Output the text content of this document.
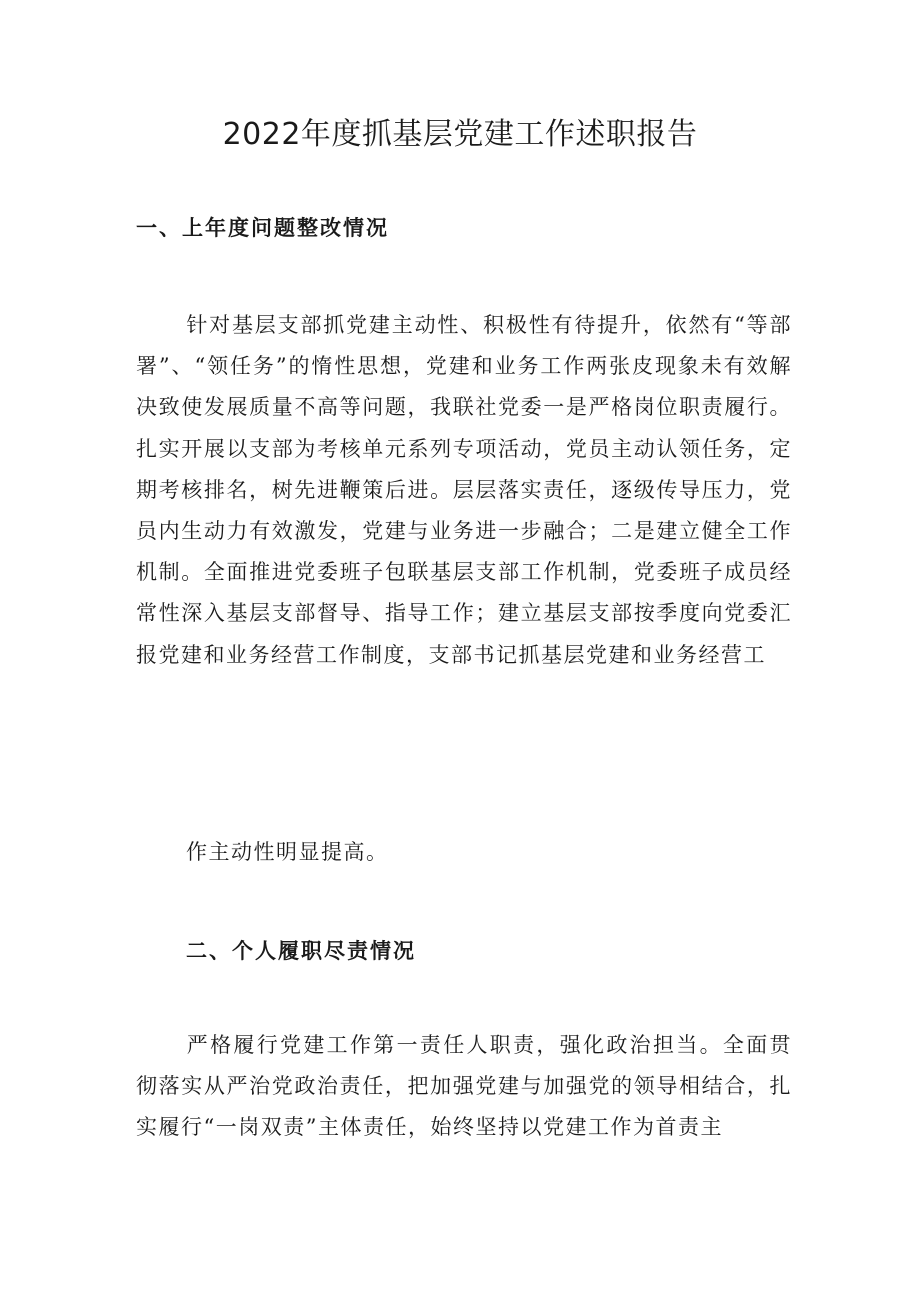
2022年度抓基层党建工作述职报告
一、上年度问题整改情况

针对基层支部抓党建主动性、积极性有待提升，依然有“等部署”、“领任务”的惰性思想，党建和业务工作两张皮现象未有效解决致使发展质量不高等问题，我联社党委一是严格岗位职责履行。扎实开展以支部为考核单元系列专项活动，党员主动认领任务，定期考核排名，树先进鞭策后进。层层落实责任，逐级传导压力，党员内生动力有效激发，党建与业务进一步融合；二是建立健全工作机制。全面推进党委班子包联基层支部工作机制，党委班子成员经常性深入基层支部督导、指导工作；建立基层支部按季度向党委汇报党建和业务经营工作制度，支部书记抓基层党建和业务经营工

作主动性明显提高。

二、个人履职尽责情况

严格履行党建工作第一责任人职责，强化政治担当。全面贯彻落实从严治党政治责任，把加强党建与加强党的领导相结合，扎实履行“一岗双责”主体责任，始终坚持以党建工作为首责主
